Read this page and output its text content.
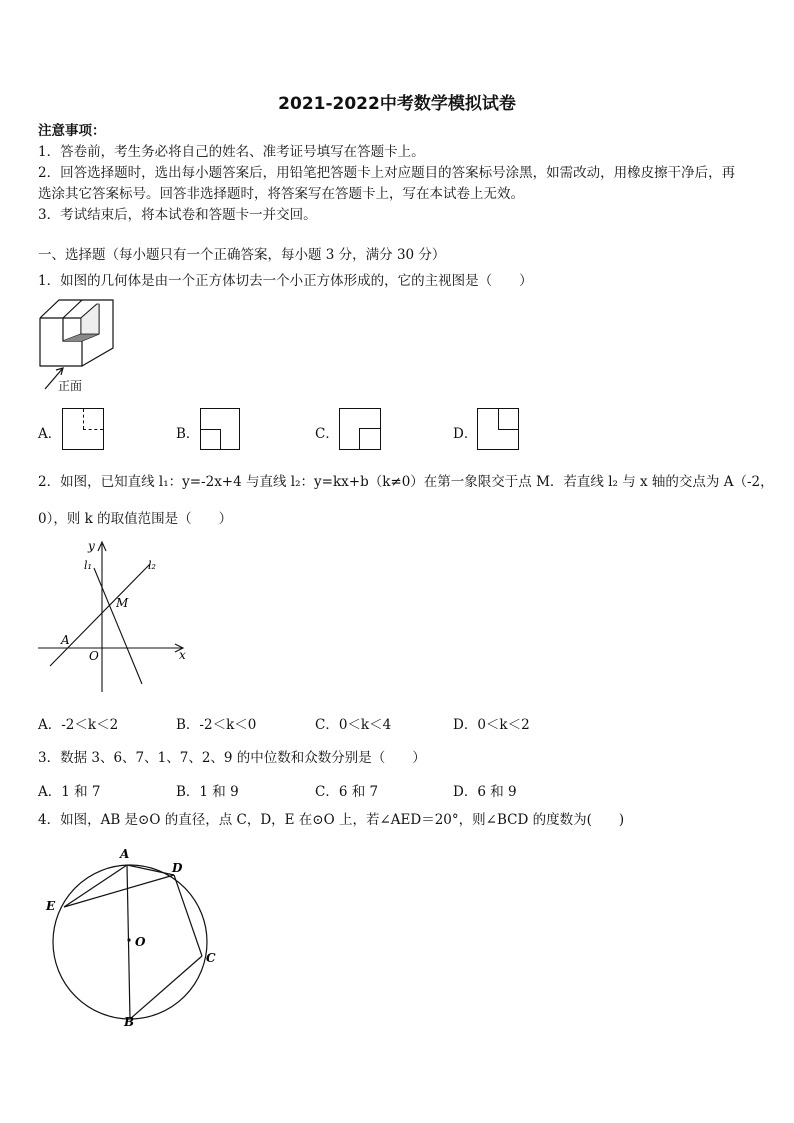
2021-2022中考数学模拟试卷
注意事项：
1．答卷前，考生务必将自己的姓名、准考证号填写在答题卡上。
2．回答选择题时，选出每小题答案后，用铅笔把答题卡上对应题目的答案标号涂黑，如需改动，用橡皮擦干净后，再
选涂其它答案标号。回答非选择题时，将答案写在答题卡上，写在本试卷上无效。
3．考试结束后，将本试卷和答题卡一并交回。
一、选择题（每小题只有一个正确答案，每小题 3 分，满分 30 分）
1．如图的几何体是由一个正方体切去一个小正方体形成的，它的主视图是（　　）
正面
A．	B．	C．	D．
2．如图，已知直线 l₁：y=-2x+4 与直线 l₂：y=kx+b（k≠0）在第一象限交于点 M．若直线 l₂ 与 x 轴的交点为 A（-2，
0），则 k 的取值范围是（　　）
y
l₁	l₂
M
A
O	x
A．-2＜k＜2	B．-2＜k＜0	C．0＜k＜4	D．0＜k＜2
3．数据 3、6、7、1、7、2、9 的中位数和众数分别是（　　）
A．1 和 7	B．1 和 9	C．6 和 7	D．6 和 9
4．如图，AB 是⊙O 的直径，点 C，D，E 在⊙O 上，若∠AED＝20°，则∠BCD 的度数为(　　)
A
D
E
O
C
B
